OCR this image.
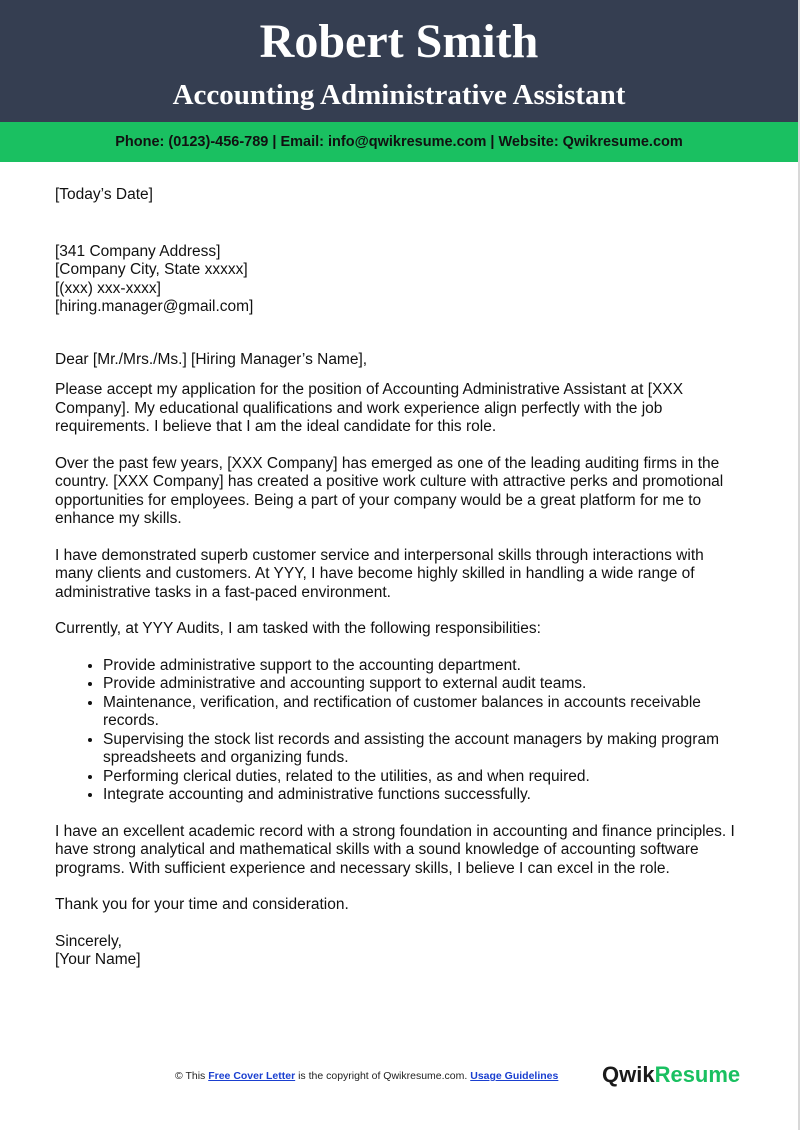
Robert Smith
Accounting Administrative Assistant
Phone: (0123)-456-789 | Email: info@qwikresume.com | Website: Qwikresume.com

[Today’s Date]

[341 Company Address]

[Company City, State xxxxx]

[(xxx) xxx-xxxx]

[hiring.manager@gmail.com]

Dear [Mr./Mrs./Ms.] [Hiring Manager’s Name],

Please accept my application for the position of Accounting Administrative Assistant at [XXX Company]. My educational qualifications and work experience align perfectly with the job requirements. I believe that I am the ideal candidate for this role.

Over the past few years, [XXX Company] has emerged as one of the leading auditing firms in the country. [XXX Company] has created a positive work culture with attractive perks and promotional opportunities for employees. Being a part of your company would be a great platform for me to enhance my skills.

I have demonstrated superb customer service and interpersonal skills through interactions with many clients and customers. At YYY, I have become highly skilled in handling a wide range of administrative tasks in a fast-paced environment.

Currently, at YYY Audits, I am tasked with the following responsibilities:

• Provide administrative support to the accounting department.
• Provide administrative and accounting support to external audit teams.
• Maintenance, verification, and rectification of customer balances in accounts receivable records.
• Supervising the stock list records and assisting the account managers by making program spreadsheets and organizing funds.
• Performing clerical duties, related to the utilities, as and when required.
• Integrate accounting and administrative functions successfully.

I have an excellent academic record with a strong foundation in accounting and finance principles. I have strong analytical and mathematical skills with a sound knowledge of accounting software programs. With sufficient experience and necessary skills, I believe I can excel in the role.

Thank you for your time and consideration.

Sincerely,

[Your Name]

© This Free Cover Letter is the copyright of Qwikresume.com. Usage Guidelines QwikResume
